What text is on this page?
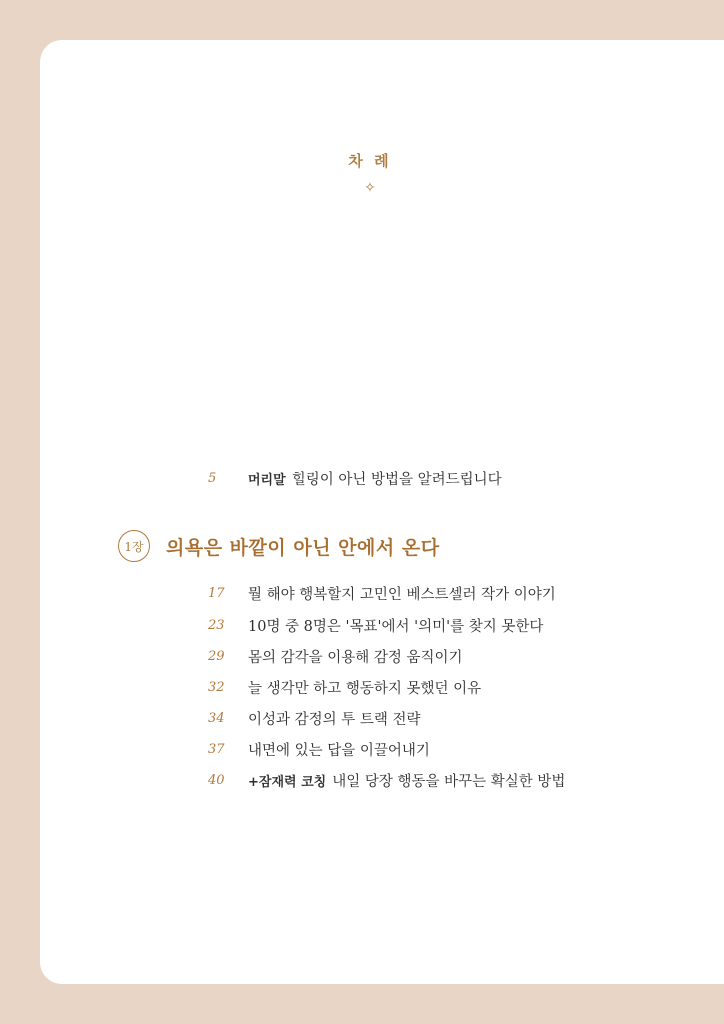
차 례
✧
5	머리말 힐링이 아닌 방법을 알려드립니다
1장	의욕은 바깥이 아닌 안에서 온다
17	뭘 해야 행복할지 고민인 베스트셀러 작가 이야기
23	10명 중 8명은 '목표'에서 '의미'를 찾지 못한다
29	몸의 감각을 이용해 감정 움직이기
32	늘 생각만 하고 행동하지 못했던 이유
34	이성과 감정의 투 트랙 전략
37	내면에 있는 답을 이끌어내기
40	+잠재력 코칭 내일 당장 행동을 바꾸는 확실한 방법
